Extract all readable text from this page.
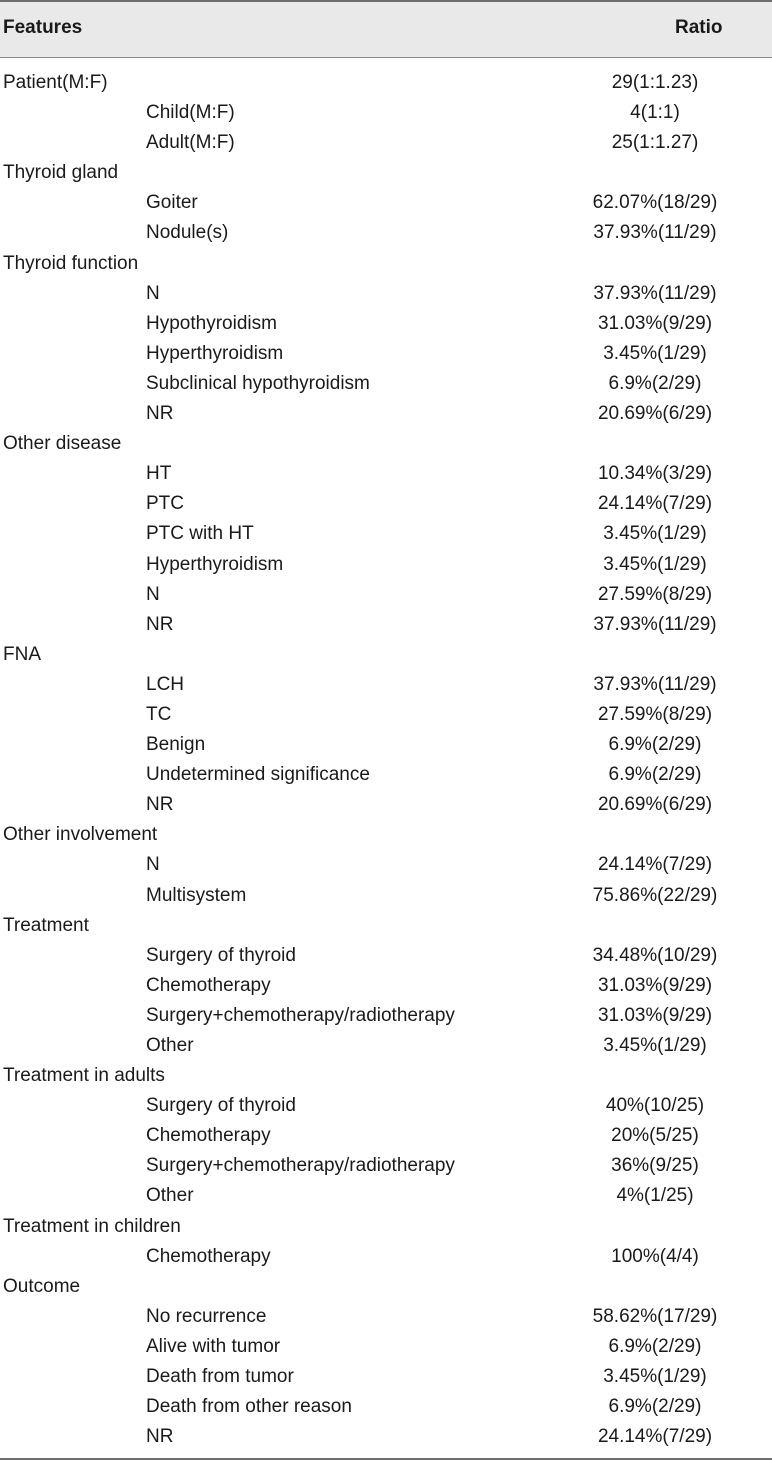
Features	Ratio
Patient(M:F)	29(1:1.23)
Child(M:F)	4(1:1)
Adult(M:F)	25(1:1.27)
Thyroid gland
Goiter	62.07%(18/29)
Nodule(s)	37.93%(11/29)
Thyroid function
N	37.93%(11/29)
Hypothyroidism	31.03%(9/29)
Hyperthyroidism	3.45%(1/29)
Subclinical hypothyroidism	6.9%(2/29)
NR	20.69%(6/29)
Other disease
HT	10.34%(3/29)
PTC	24.14%(7/29)
PTC with HT	3.45%(1/29)
Hyperthyroidism	3.45%(1/29)
N	27.59%(8/29)
NR	37.93%(11/29)
FNA
LCH	37.93%(11/29)
TC	27.59%(8/29)
Benign	6.9%(2/29)
Undetermined significance	6.9%(2/29)
NR	20.69%(6/29)
Other involvement
N	24.14%(7/29)
Multisystem	75.86%(22/29)
Treatment
Surgery of thyroid	34.48%(10/29)
Chemotherapy	31.03%(9/29)
Surgery+chemotherapy/radiotherapy	31.03%(9/29)
Other	3.45%(1/29)
Treatment in adults
Surgery of thyroid	40%(10/25)
Chemotherapy	20%(5/25)
Surgery+chemotherapy/radiotherapy	36%(9/25)
Other	4%(1/25)
Treatment in children
Chemotherapy	100%(4/4)
Outcome
No recurrence	58.62%(17/29)
Alive with tumor	6.9%(2/29)
Death from tumor	3.45%(1/29)
Death from other reason	6.9%(2/29)
NR	24.14%(7/29)
